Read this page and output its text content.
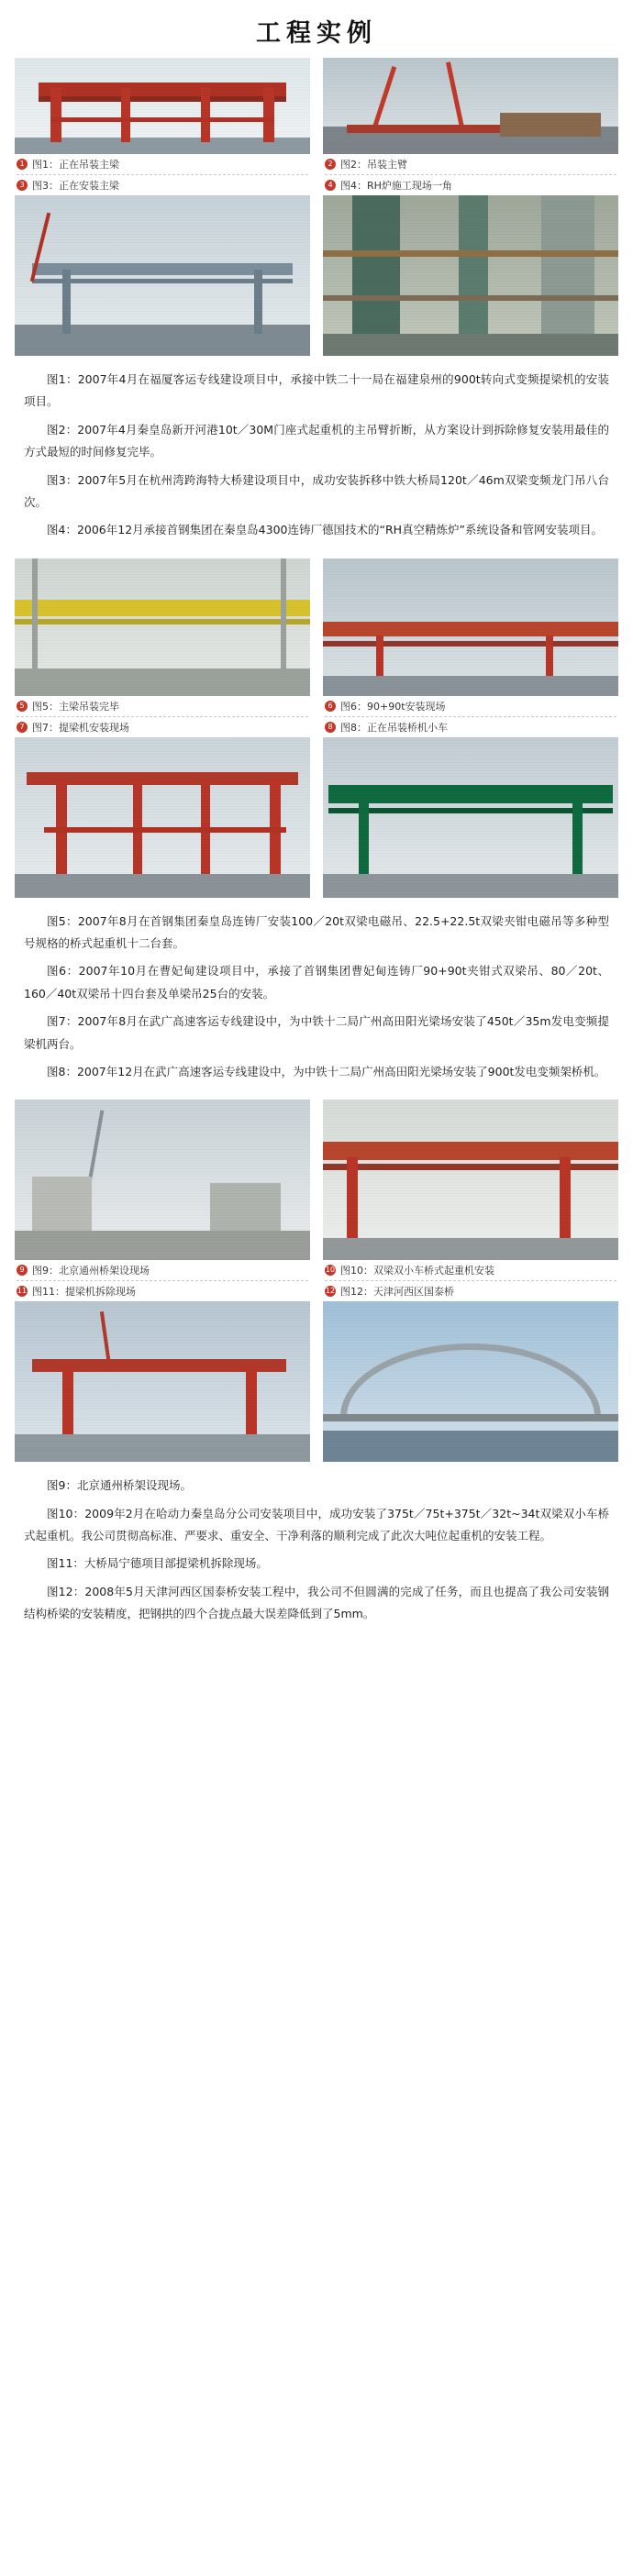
工程实例
1 图1：正在吊装主梁	2 图2：吊装主臂
3 图3：正在安装主梁	4 图4：RH炉施工现场一角

图1：2007年4月在福厦客运专线建设项目中，承接中铁二十一局在福建泉州的900t转向式变频提梁机的安装项目。

图2：2007年4月秦皇岛新开河港10t／30M门座式起重机的主吊臂折断，从方案设计到拆除修复安装用最佳的方式最短的时间修复完毕。

图3：2007年5月在杭州湾跨海特大桥建设项目中，成功安装拆移中铁大桥局120t／46m双梁变频龙门吊八台次。

图4：2006年12月承接首钢集团在秦皇岛4300连铸厂德国技术的“RH真空精炼炉”系统设备和管网安装项目。

5 图5：主梁吊装完毕	6 图6：90+90t安装现场
7 图7：提梁机安装现场	8 图8：正在吊装桥机小车

图5：2007年8月在首钢集团秦皇岛连铸厂安装100／20t双梁电磁吊、22.5+22.5t双梁夹钳电磁吊等多种型号规格的桥式起重机十二台套。

图6：2007年10月在曹妃甸建设项目中，承接了首钢集团曹妃甸连铸厂90+90t夹钳式双梁吊、80／20t、160／40t双梁吊十四台套及单梁吊25台的安装。

图7：2007年8月在武广高速客运专线建设中，为中铁十二局广州高田阳光梁场安装了450t／35m发电变频提梁机两台。

图8：2007年12月在武广高速客运专线建设中，为中铁十二局广州高田阳光梁场安装了900t发电变频架桥机。

9 图9：北京通州桥架设现场	10 图10：双梁双小车桥式起重机安装
11 图11：提梁机拆除现场	12 图12：天津河西区国泰桥

图9：北京通州桥架设现场。

图10：2009年2月在哈动力秦皇岛分公司安装项目中，成功安装了375t／75t+375t／32t~34t双梁双小车桥式起重机。我公司贯彻高标准、严要求、重安全、干净利落的顺利完成了此次大吨位起重机的安装工程。

图11：大桥局宁德项目部提梁机拆除现场。

图12：2008年5月天津河西区国泰桥安装工程中，我公司不但圆满的完成了任务，而且也提高了我公司安装钢结构桥梁的安装精度，把钢拱的四个合拢点最大误差降低到了5mm。
